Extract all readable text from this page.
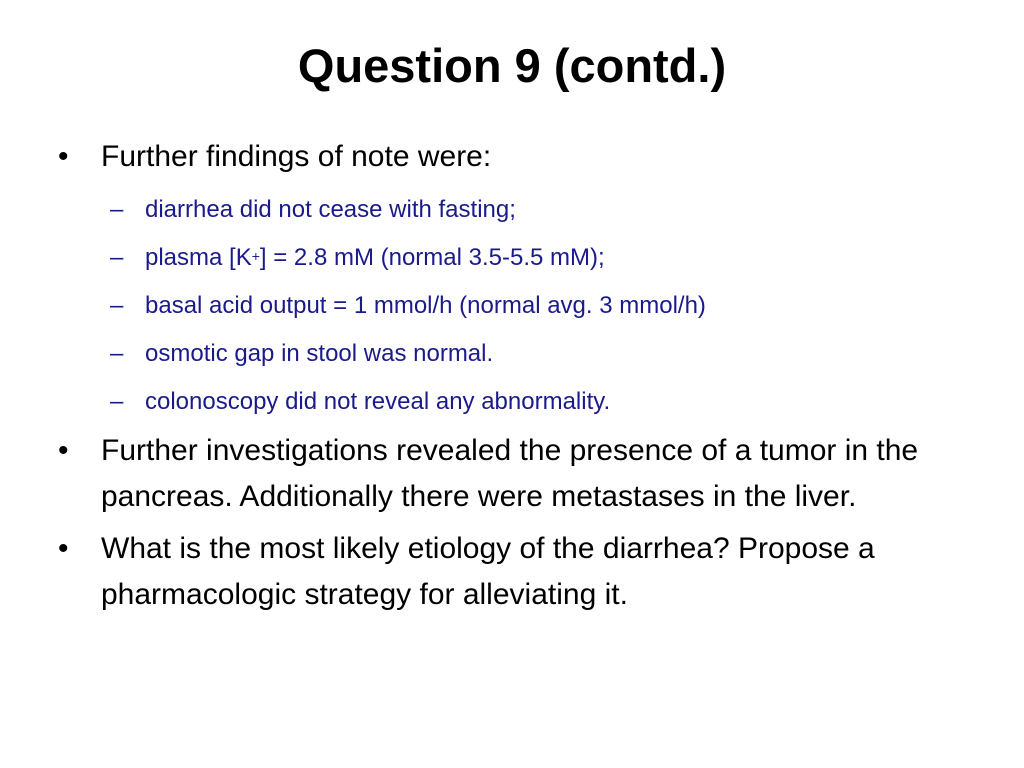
Question 9 (contd.)
•	Further findings of note were:
– diarrhea did not cease with fasting;
– plasma [K+] = 2.8 mM (normal 3.5-5.5 mM);
– basal acid output = 1 mmol/h (normal avg. 3 mmol/h)
– osmotic gap in stool was normal.
– colonoscopy did not reveal any abnormality.
•	Further investigations revealed the presence of a tumor in the pancreas. Additionally there were metastases in the liver.
•	What is the most likely etiology of the diarrhea? Propose a pharmacologic strategy for alleviating it.
